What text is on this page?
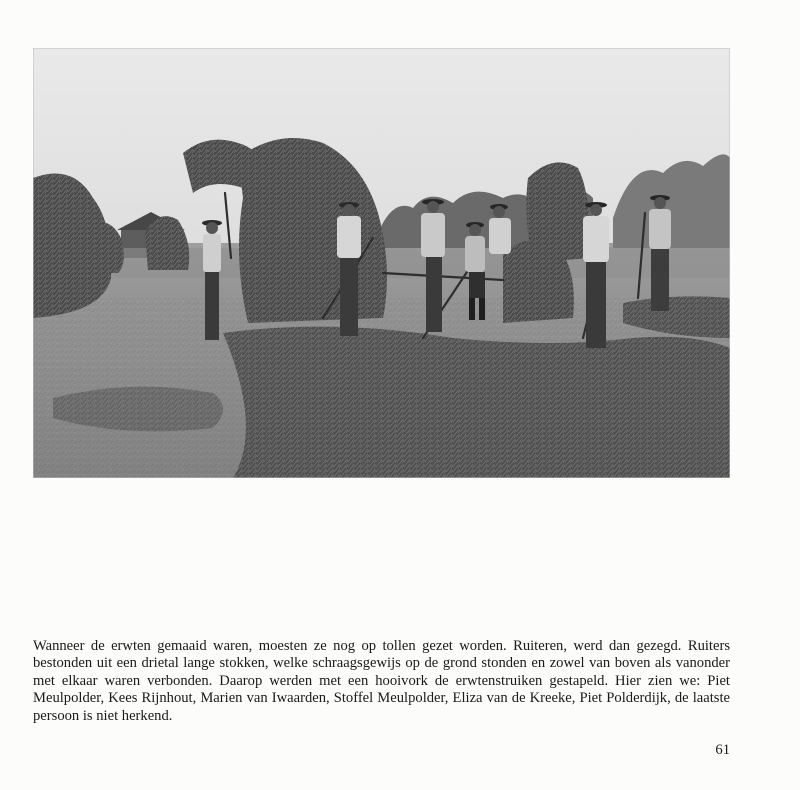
Wanneer de erwten gemaaid waren, moesten ze nog op tollen gezet worden. Ruiteren, werd dan gezegd. Ruiters bestonden uit een drietal lange stokken, welke schraagsgewijs op de grond stonden en zowel van boven als vanonder met elkaar waren verbonden. Daarop werden met een hooivork de erwtenstruiken gestapeld. Hier zien we: Piet Meulpolder, Kees Rijnhout, Marien van Iwaarden, Stoffel Meulpolder, Eliza van de Kreeke, Piet Polderdijk, de laatste persoon is niet herkend.

61
